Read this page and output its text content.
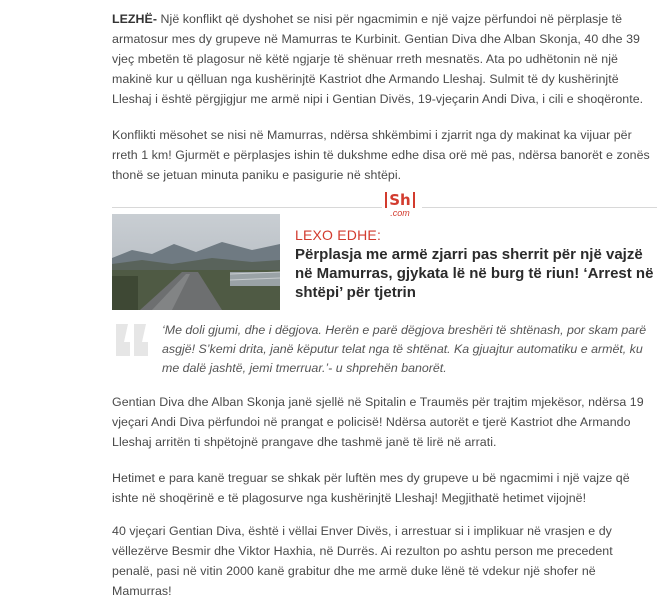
LEZHË- Një konflikt që dyshohet se nisi për ngacmimin e një vajze përfundoi në përplasje të armatosur mes dy grupeve në Mamurras te Kurbinit. Gentian Diva dhe Alban Skonja, 40 dhe 39 vjeç mbetën të plagosur në këtë ngjarje të shënuar rreth mesnatës. Ata po udhëtonin në një makinë kur u qëlluan nga kushërinjtë Kastriot dhe Armando Lleshaj. Sulmit të dy kushërinjtë Lleshaj i është përgjigjur me armë nipi i Gentian Divës, 19-vjeçarin Andi Diva, i cili e shoqëronte.

Konflikti mësohet se nisi në Mamurras, ndërsa shkëmbimi i zjarrit nga dy makinat ka vijuar për rreth 1 km! Gjurmët e përplasjes ishin të dukshme edhe disa orë më pas, ndërsa banorët e zonës thonë se jetuan minuta paniku e pasigurie në shtëpi.

Sh
.com
LEXO EDHE:
Përplasja me armë zjarri pas sherrit për një vajzë në Mamurras, gjykata lë në burg të riun! ‘Arrest në shtëpi’ për tjetrin
‘Me doli gjumi, dhe i dëgjova. Herën e parë dëgjova breshëri të shtënash, por skam parë asgjë! S’kemi drita, janë këputur telat nga të shtënat. Ka gjuajtur automatiku e armët, ku me dalë jashtë, jemi tmerruar.’- u shprehën banorët.

Gentian Diva dhe Alban Skonja janë sjellë në Spitalin e Traumës për trajtim mjekësor, ndërsa 19 vjeçari Andi Diva përfundoi në prangat e policisë! Ndërsa autorët e tjerë Kastriot dhe Armando Lleshaj arritën ti shpëtojnë prangave dhe tashmë janë të lirë në arrati.

Hetimet e para kanë treguar se shkak për luftën mes dy grupeve u bë ngacmimi i një vajze që ishte në shoqërinë e të plagosurve nga kushërinjtë Lleshaj! Megjithatë hetimet vijojnë!

40 vjeçari Gentian Diva, është i vëllai Enver Divës, i arrestuar si i implikuar në vrasjen e dy vëllezërve Besmir dhe Viktor Haxhia, në Durrës. Ai rezulton po ashtu person me precedent penalë, pasi në vitin 2000 kanë grabitur dhe me armë duke lënë të vdekur një shofer në Mamurras!
